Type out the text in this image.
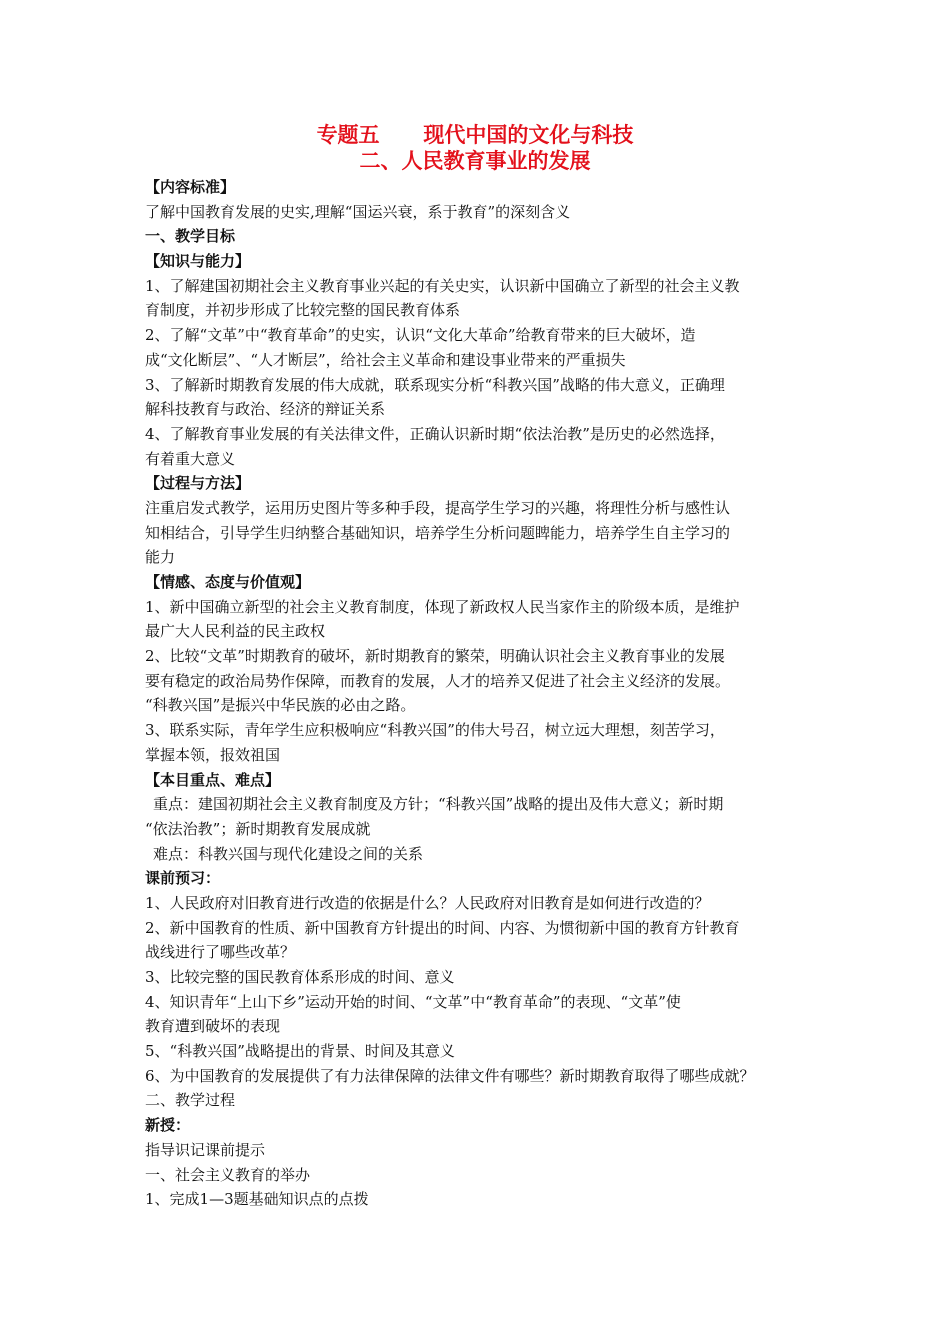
专题五      现代中国的文化与科技
二、人民教育事业的发展
【内容标准】
了解中国教育发展的史实,理解“国运兴衰，系于教育”的深刻含义
一、教学目标
【知识与能力】
1、了解建国初期社会主义教育事业兴起的有关史实，认识新中国确立了新型的社会主义教
育制度，并初步形成了比较完整的国民教育体系
2、了解“文革”中“教育革命”的史实，认识“文化大革命”给教育带来的巨大破坏，造
成“文化断层”、“人才断层”，给社会主义革命和建设事业带来的严重损失
3、了解新时期教育发展的伟大成就，联系现实分析“科教兴国”战略的伟大意义，正确理
解科技教育与政治、经济的辩证关系
4、了解教育事业发展的有关法律文件，正确认识新时期“依法治教”是历史的必然选择，
有着重大意义
【过程与方法】
注重启发式教学，运用历史图片等多种手段，提高学生学习的兴趣，将理性分析与感性认
知相结合，引导学生归纳整合基础知识，培养学生分析问题睥能力，培养学生自主学习的
能力
【情感、态度与价值观】
1、新中国确立新型的社会主义教育制度，体现了新政权人民当家作主的阶级本质，是维护
最广大人民利益的民主政权
2、比较“文革”时期教育的破坏，新时期教育的繁荣，明确认识社会主义教育事业的发展
要有稳定的政治局势作保障，而教育的发展，人才的培养又促进了社会主义经济的发展。
“科教兴国”是振兴中华民族的必由之路。
3、联系实际，青年学生应积极响应“科教兴国”的伟大号召，树立远大理想，刻苦学习，
掌握本领，报效祖国
【本目重点、难点】
重点：建国初期社会主义教育制度及方针；“科教兴国”战略的提出及伟大意义；新时期
“依法治教”；新时期教育发展成就
难点：科教兴国与现代化建设之间的关系
课前预习：
1、人民政府对旧教育进行改造的依据是什么？人民政府对旧教育是如何进行改造的？
2、新中国教育的性质、新中国教育方针提出的时间、内容、为惯彻新中国的教育方针教育
战线进行了哪些改革？
3、比较完整的国民教育体系形成的时间、意义
4、知识青年“上山下乡”运动开始的时间、“文革”中“教育革命”的表现、“文革”使
教育遭到破坏的表现
5、“科教兴国”战略提出的背景、时间及其意义
6、为中国教育的发展提供了有力法律保障的法律文件有哪些？新时期教育取得了哪些成就？
二、教学过程
新授：
指导识记课前提示
一、社会主义教育的举办
1、完成1—3题基础知识点的点拨
